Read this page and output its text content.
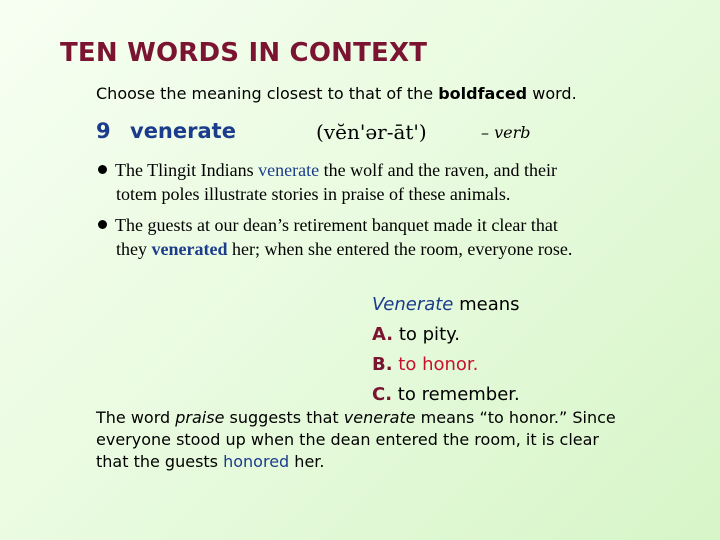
TEN WORDS IN CONTEXT
Choose the meaning closest to that of the boldfaced word.
9 venerate	(vĕn'ər-āt')	– verb
The Tlingit Indians venerate the wolf and the raven, and their
totem poles illustrate stories in praise of these animals.
The guests at our dean’s retirement banquet made it clear that
they venerated her; when she entered the room, everyone rose.
Venerate means
A. to pity.
B. to honor.
C. to remember.
The word praise suggests that venerate means “to honor.” Since
everyone stood up when the dean entered the room, it is clear
that the guests honored her.
